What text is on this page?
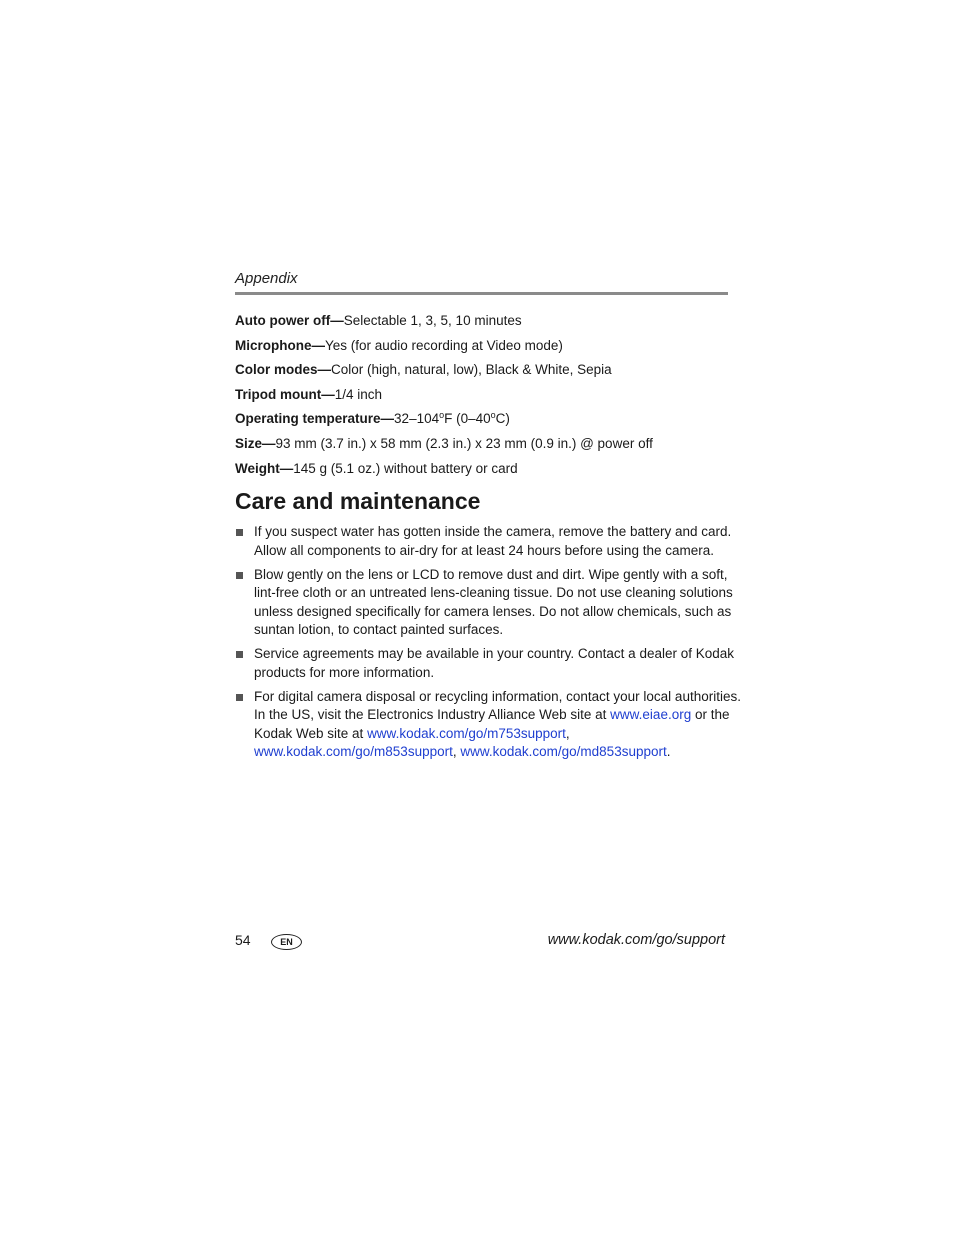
Appendix
Auto power off—Selectable 1, 3, 5, 10 minutes
Microphone—Yes (for audio recording at Video mode)
Color modes—Color (high, natural, low), Black & White, Sepia
Tripod mount—1/4 inch
Operating temperature—32–104$^o$F (0–40$^o$C)
Size—93 mm (3.7 in.) x 58 mm (2.3 in.) x 23 mm (0.9 in.) @ power off
Weight—145 g (5.1 oz.) without battery or card
Care and maintenance
If you suspect water has gotten inside the camera, remove the battery and card.
Allow all components to air-dry for at least 24 hours before using the camera.
Blow gently on the lens or LCD to remove dust and dirt. Wipe gently with a soft,
lint-free cloth or an untreated lens-cleaning tissue. Do not use cleaning solutions
unless designed specifically for camera lenses. Do not allow chemicals, such as
suntan lotion, to contact painted surfaces.
Service agreements may be available in your country. Contact a dealer of Kodak
products for more information.
For digital camera disposal or recycling information, contact your local authorities.
In the US, visit the Electronics Industry Alliance Web site at www.eiae.org or the
Kodak Web site at www.kodak.com/go/m753support,
www.kodak.com/go/m853support, www.kodak.com/go/md853support.
54	EN	www.kodak.com/go/support
